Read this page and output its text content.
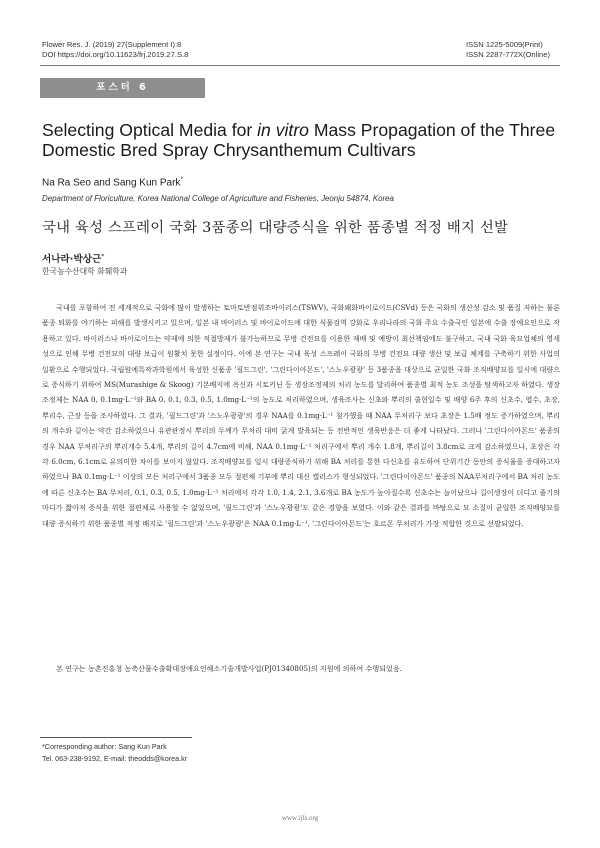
Flower Res. J. (2019) 27(Supplement I):8
DOI https://doi.org/10.11623/frj.2019.27.S.8
ISSN 1225-5009(Print)
ISSN 2287-772X(Online)
포스터 6
Selecting Optical Media for in vitro Mass Propagation of the Three Domestic Bred Spray Chrysanthemum Cultivars
Na Ra Seo and Sang Kun Park*
Department of Floriculture, Korea National College of Agriculture and Fisheries, Jeonju 54874, Korea
국내 육성 스프레이 국화 3품종의 대량증식을 위한 품종별 적정 배지 선발
서나라·박상근*
한국농수산대학 화훼학과

국내를 포함하여 전 세계적으로 국화에 많이 발생하는 토마토반점위조바이러스(TSWV), 국화왜화바이로이드(CSVd) 등은 국화의 생산성 감소 및 품질 저하는 물론 품종 퇴화를 야기하는 피해를 발생시키고 있으며, 일본 내 바이러스 및 바이로이드에 대한 식물검역 강화로 우리나라의 국화 주요 수출국인 일본에 수출 장애요인으로 작용하고 있다. 바이러스나 바이로이드는 약제에 의한 적절방제가 불가능하므로 무병 건전묘를 이용한 재배 및 예방이 최선책임에도 불구하고, 국내 국화 육묘업체의 영세성으로 인해 무병 건전묘의 대량 보급이 원활치 못한 실정이다. 이에 본 연구는 국내 육성 스프레이 국화의 무병 건전묘 대량 생산 및 보급 체계를 구축하기 위한 사업의 일환으로 수행되었다. 국립원예특작과학원에서 육성한 신품종 '필드그린', '그린다이아몬드', '스노우광광' 등 3품종을 대상으로 균일한 국화 조직배양묘를 일시에 대량으로 증식하기 위하여 MS(Murashige & Skoog) 기본배지에 옥신과 시토키닌 등 생장조정제의 처리 농도를 달리하여 품종별 최적 농도 조성을 탐색하고자 하였다. 생장조정제는 NAA 0, 0.1mg·L⁻¹와 BA 0, 0.1, 0.3, 0.5, 1.0mg·L⁻¹의 농도로 처리하였으며, 생육조사는 신초와 뿌리의 출현일수 및 배양 6주 후의 신초수, 엽수, 초장, 뿌리수, 근장 등을 조사하였다. 그 결과, '필드그린'과 '스노우광광'의 경우 NAA를 0.1mg·L⁻¹ 첨가했을 때 NAA 무처리구 보다 초장은 1.5배 정도 증가하였으며, 뿌리의 개수와 길이는 약간 감소하였으나 유관관정시 뿌리의 두께가 무처리 대비 굵게 발육되는 등 전반적인 생육반응은 더 좋게 나타났다. 그러나 '그린다이아몬드' 품종의 경우 NAA 무처리구의 뿌리개수 5.4개, 뿌리의 길이 4.7cm에 비해, NAA 0.1mg·L⁻¹ 처리구에서 뿌리 개수 1.8개, 뿌리길이 3.8cm로 크게 감소하였으나, 초장은 각각 6.0cm, 6.1cm로 유의미한 차이를 보이지 않았다. 조직배양묘를 일시 대량증식하기 위해 BA 처리를 통한 다신초를 유도하여 단위기간 동안의 증식율을 증대하고자 하였으나 BA 0.1mg·L⁻¹ 이상의 모든 처리구에서 3품종 모두 절편체 기부에 뿌리 대신 캘러스가 형성되었다. '그린다이아몬드' 품종의 NAA무처리구에서 BA 처리 농도에 따른 신초수는 BA 무처리, 0.1, 0.3, 0.5, 1.0mg·L⁻¹ 처리에서 각각 1.0, 1.4, 2.1, 3.6개로 BA 농도가 높아질수록 신초수는 늘어났으나 길이생장이 더디고 줄기의 마디가 짧아져 증식을 위한 절편체로 사용할 수 없었으며, '필드그린'과 '스노우광광'도 같은 경향을 보였다. 이와 같은 결과를 바탕으로 묘 소질이 균일한 조직배양묘를 대량 증식하기 위한 품종별 적정 배지로 '필드그린'과 '스노우광광'은 NAA 0.1mg·L⁻¹, '그린다이아몬드'는 호르몬 무처리가 가장 적합한 것으로 선발되었다.

본 연구는 농촌진흥청 농축산물수출확대장애요인해소기술개발사업(PJ01340805)의 지원에 의하여 수행되었음.

*Corresponding author: Sang Kun Park
Tel. 063-238-9192, E-mail: theodds@korea.kr
www.ijfs.org
